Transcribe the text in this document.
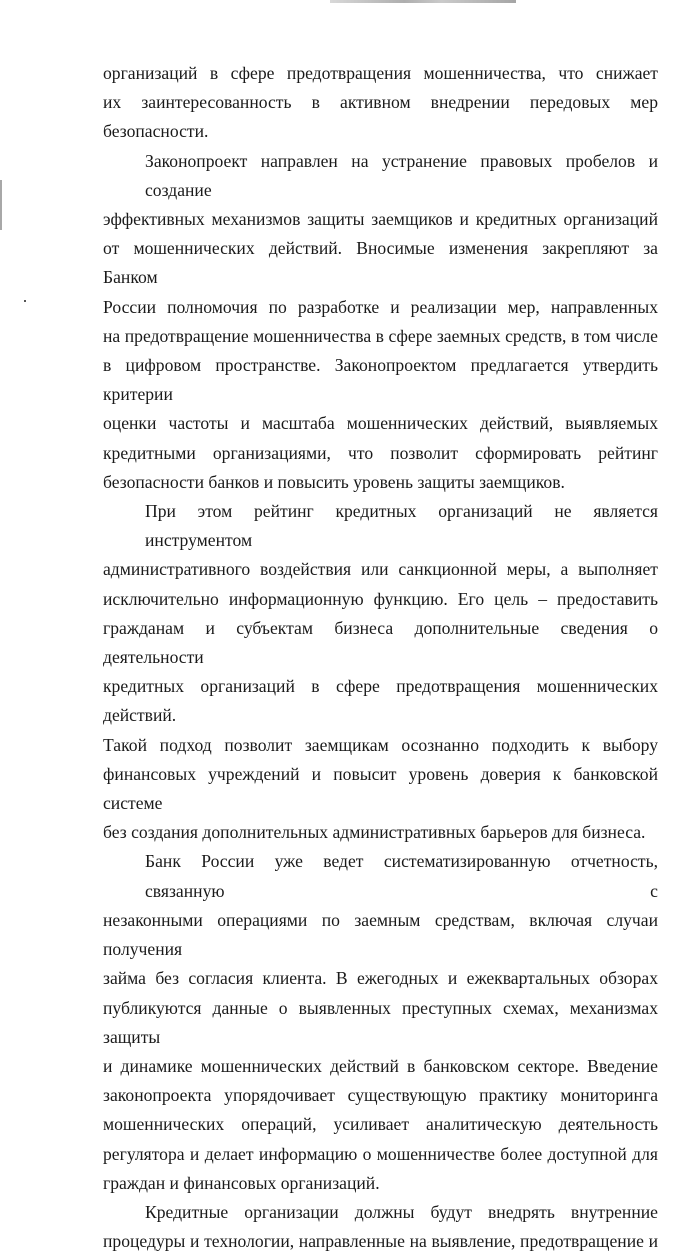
организаций в сфере предотвращения мошенничества, что снижает
их заинтересованность в активном внедрении передовых мер безопасности.

Законопроект направлен на устранение правовых пробелов и создание
эффективных механизмов защиты заемщиков и кредитных организаций
от мошеннических действий. Вносимые изменения закрепляют за Банком
России полномочия по разработке и реализации мер, направленных
на предотвращение мошенничества в сфере заемных средств, в том числе
в цифровом пространстве. Законопроектом предлагается утвердить критерии
оценки частоты и масштаба мошеннических действий, выявляемых
кредитными организациями, что позволит сформировать рейтинг
безопасности банков и повысить уровень защиты заемщиков.

При этом рейтинг кредитных организаций не является инструментом
административного воздействия или санкционной меры, а выполняет
исключительно информационную функцию. Его цель – предоставить
гражданам и субъектам бизнеса дополнительные сведения о деятельности
кредитных организаций в сфере предотвращения мошеннических действий.
Такой подход позволит заемщикам осознанно подходить к выбору
финансовых учреждений и повысит уровень доверия к банковской системе
без создания дополнительных административных барьеров для бизнеса.

Банк России уже ведет систематизированную отчетность, связанную с
незаконными операциями по заемным средствам, включая случаи получения
займа без согласия клиента. В ежегодных и ежеквартальных обзорах
публикуются данные о выявленных преступных схемах, механизмах защиты
и динамике мошеннических действий в банковском секторе. Введение
законопроекта упорядочивает существующую практику мониторинга
мошеннических операций, усиливает аналитическую деятельность
регулятора и делает информацию о мошенничестве более доступной для
граждан и финансовых организаций.

Кредитные организации должны будут внедрять внутренние
процедуры и технологии, направленные на выявление, предотвращение и
